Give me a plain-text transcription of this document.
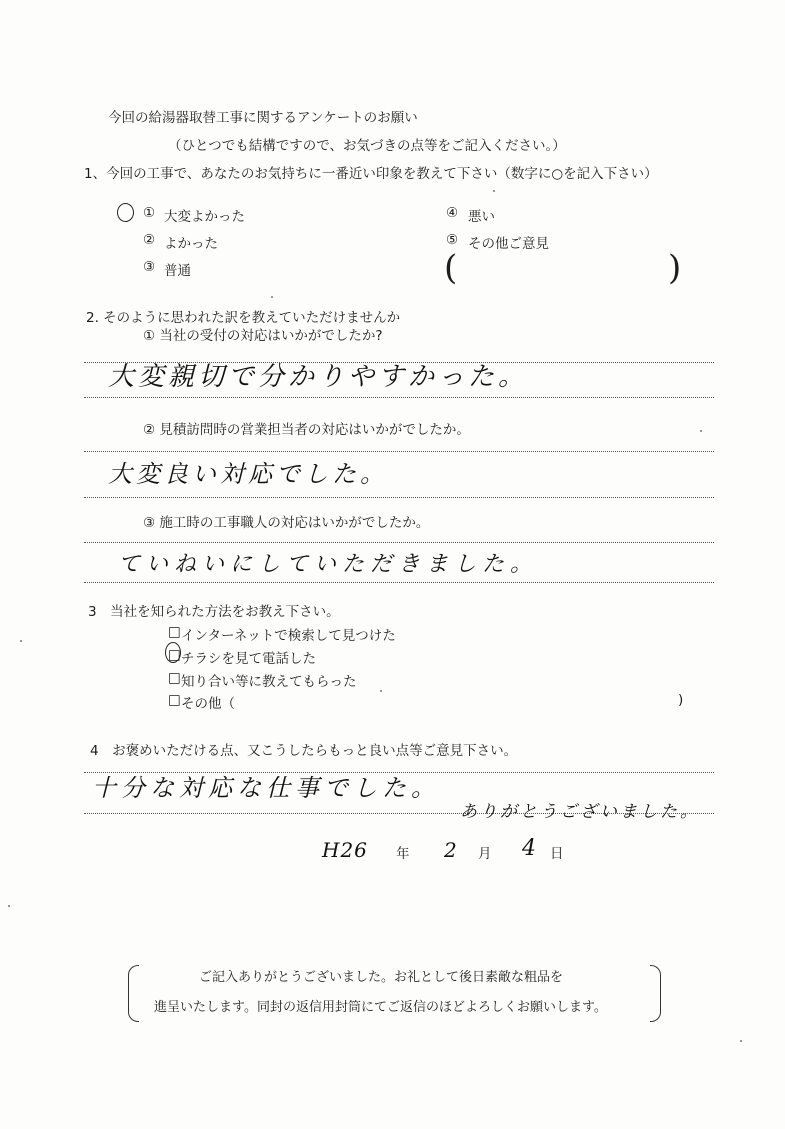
今回の給湯器取替工事に関するアンケートのお願い
（ひとつでも結構ですので、お気づきの点等をご記入ください。）
1、今回の工事で、あなたのお気持ちに一番近い印象を教えて下さい（数字に○を記入下さい）
① 大変よかった
② よかった
③ 普通
④ 悪い
⑤ その他ご意見
(	)
2. そのように思われた訳を教えていただけませんか
① 当社の受付の対応はいかがでしたか?
大変親切で分かりやすかった。
② 見積訪問時の営業担当者の対応はいかがでしたか。
大変良い対応でした。
③ 施工時の工事職人の対応はいかがでしたか。
ていねいにしていただきました。
3　当社を知られた方法をお教え下さい。
□ インターネットで検索して見つけた
□ チラシを見て電話した
□ 知り合い等に教えてもらった
□ その他（	)
4　お褒めいただける点、又こうしたらもっと良い点等ご意見下さい。
十分な対応な仕事でした。
ありがとうございました。
H26 年 2 月 4 日
ご記入ありがとうございました。お礼として後日素敵な粗品を
進呈いたします。同封の返信用封筒にてご返信のほどよろしくお願いします。
